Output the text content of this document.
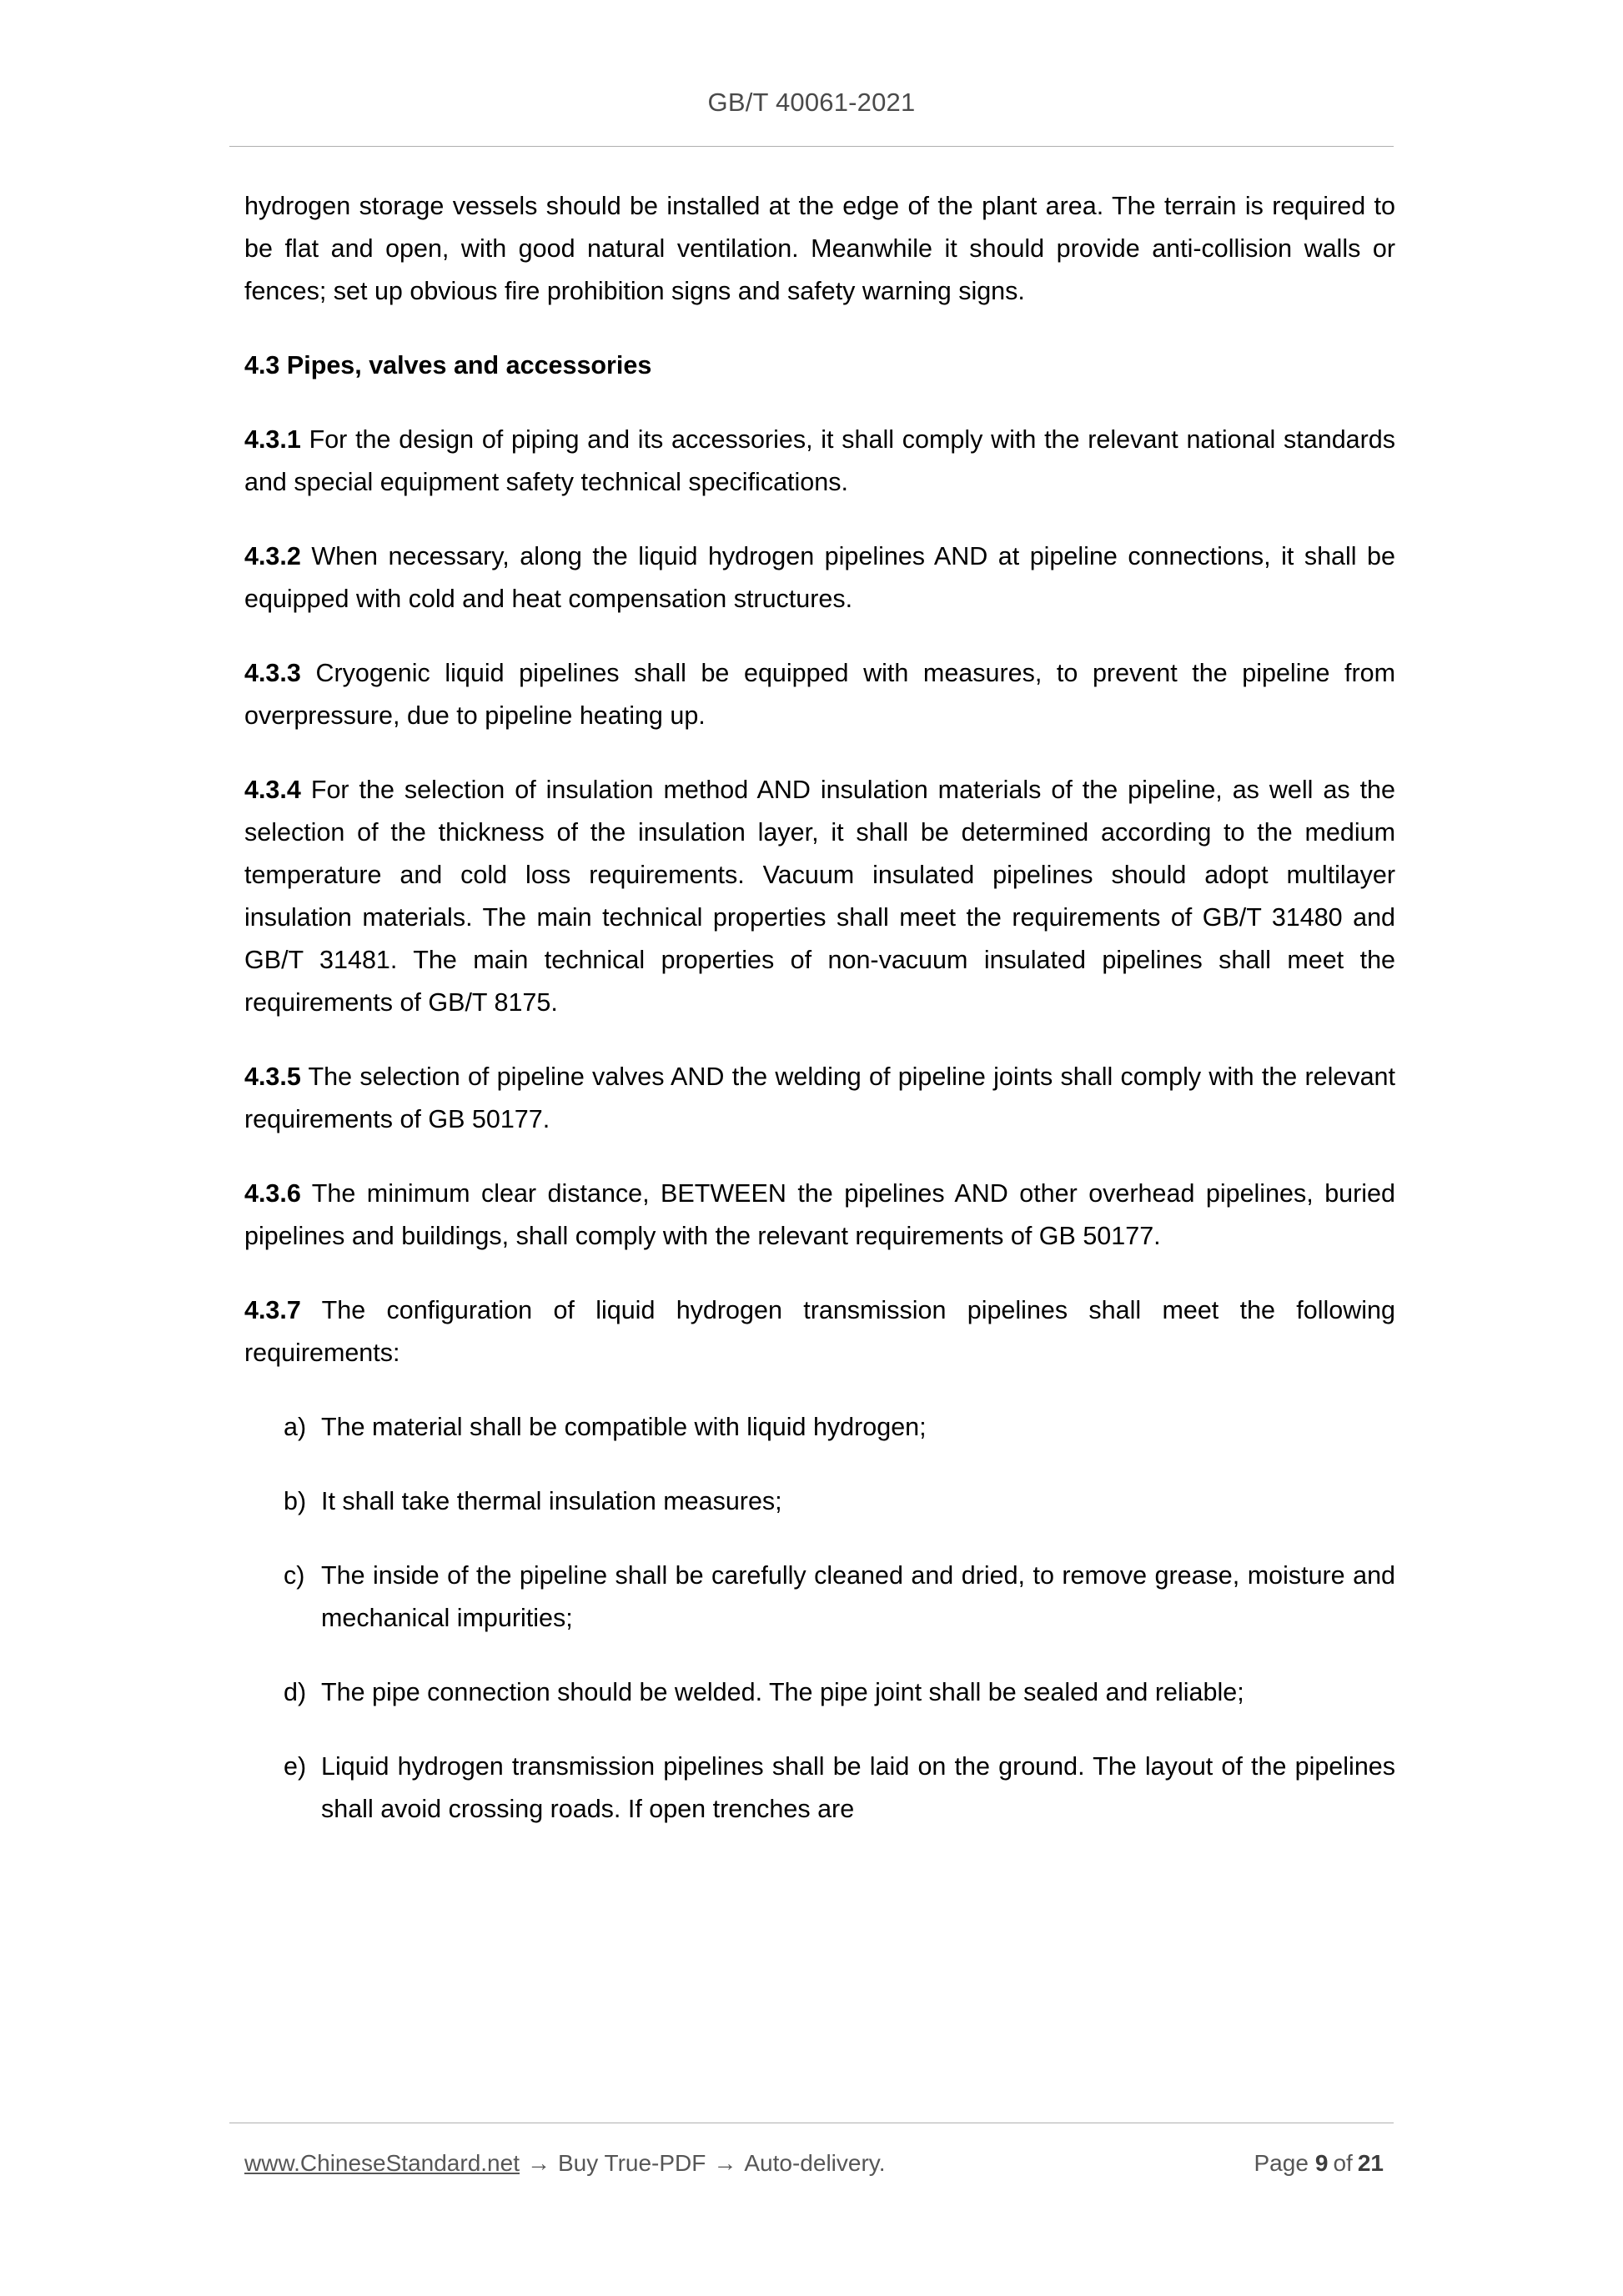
GB/T 40061-2021

hydrogen storage vessels should be installed at the edge of the plant area. The terrain is required to be flat and open, with good natural ventilation. Meanwhile it should provide anti-collision walls or fences; set up obvious fire prohibition signs and safety warning signs.

4.3 Pipes, valves and accessories

4.3.1 For the design of piping and its accessories, it shall comply with the relevant national standards and special equipment safety technical specifications.

4.3.2 When necessary, along the liquid hydrogen pipelines AND at pipeline connections, it shall be equipped with cold and heat compensation structures.

4.3.3 Cryogenic liquid pipelines shall be equipped with measures, to prevent the pipeline from overpressure, due to pipeline heating up.

4.3.4 For the selection of insulation method AND insulation materials of the pipeline, as well as the selection of the thickness of the insulation layer, it shall be determined according to the medium temperature and cold loss requirements. Vacuum insulated pipelines should adopt multilayer insulation materials. The main technical properties shall meet the requirements of GB/T 31480 and GB/T 31481. The main technical properties of non-vacuum insulated pipelines shall meet the requirements of GB/T 8175.

4.3.5 The selection of pipeline valves AND the welding of pipeline joints shall comply with the relevant requirements of GB 50177.

4.3.6 The minimum clear distance, BETWEEN the pipelines AND other overhead pipelines, buried pipelines and buildings, shall comply with the relevant requirements of GB 50177.

4.3.7 The configuration of liquid hydrogen transmission pipelines shall meet the following requirements:

a) The material shall be compatible with liquid hydrogen;
b) It shall take thermal insulation measures;
c) The inside of the pipeline shall be carefully cleaned and dried, to remove grease, moisture and mechanical impurities;
d) The pipe connection should be welded. The pipe joint shall be sealed and reliable;
e) Liquid hydrogen transmission pipelines shall be laid on the ground. The layout of the pipelines shall avoid crossing roads. If open trenches are
www.ChineseStandard.net → Buy True-PDF → Auto-delivery.	Page 9 of 21
